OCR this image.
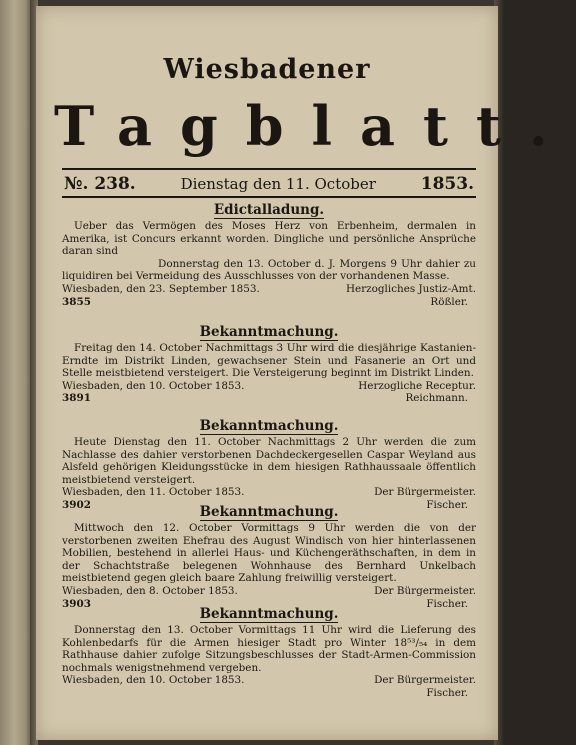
Wiesbadener
Tagblatt.
№. 238.	Dienstag den 11. October	1853.
Edictalladung.
Ueber das Vermögen des Moses Herz von Erbenheim, dermalen in Amerika, ist Concurs erkannt worden. Dingliche und persönliche Ansprüche daran sind
Donnerstag den 13. October d. J. Morgens 9 Uhr dahier zu liquidiren bei Vermeidung des Ausschlusses von der vorhandenen Masse.
Wiesbaden, den 23. September 1853.	Herzogliches Justiz-Amt.
3855	Rößler.
Bekanntmachung.
Freitag den 14. October Nachmittags 3 Uhr wird die diesjährige Kastanien-Erndte im Distrikt Linden, gewachsener Stein und Fasanerie an Ort und Stelle meistbietend versteigert. Die Versteigerung beginnt im Distrikt Linden.
Wiesbaden, den 10. October 1853.	Herzogliche Receptur.
3891	Reichmann.
Bekanntmachung.
Heute Dienstag den 11. October Nachmittags 2 Uhr werden die zum Nachlasse des dahier verstorbenen Dachdeckergesellen Caspar Weyland aus Alsfeld gehörigen Kleidungsstücke in dem hiesigen Rathhaussaale öffentlich meistbietend versteigert.
Wiesbaden, den 11. October 1853.	Der Bürgermeister.
3902	Fischer.
Bekanntmachung.
Mittwoch den 12. October Vormittags 9 Uhr werden die von der verstorbenen zweiten Ehefrau des August Windisch von hier hinterlassenen Mobilien, bestehend in allerlei Haus- und Küchengeräthschaften, in dem in der Schachtstraße belegenen Wohnhause des Bernhard Unkelbach meistbietend gegen gleich baare Zahlung freiwillig versteigert.
Wiesbaden, den 8. October 1853.	Der Bürgermeister.
3903	Fischer.
Bekanntmachung.
Donnerstag den 13. October Vormittags 11 Uhr wird die Lieferung des Kohlenbedarfs für die Armen hiesiger Stadt pro Winter 18⁵³/₅₄ in dem Rathhause dahier zufolge Sitzungsbeschlusses der Stadt-Armen-Commission nochmals wenigstnehmend vergeben.
Wiesbaden, den 10. October 1853.	Der Bürgermeister.
Fischer.
